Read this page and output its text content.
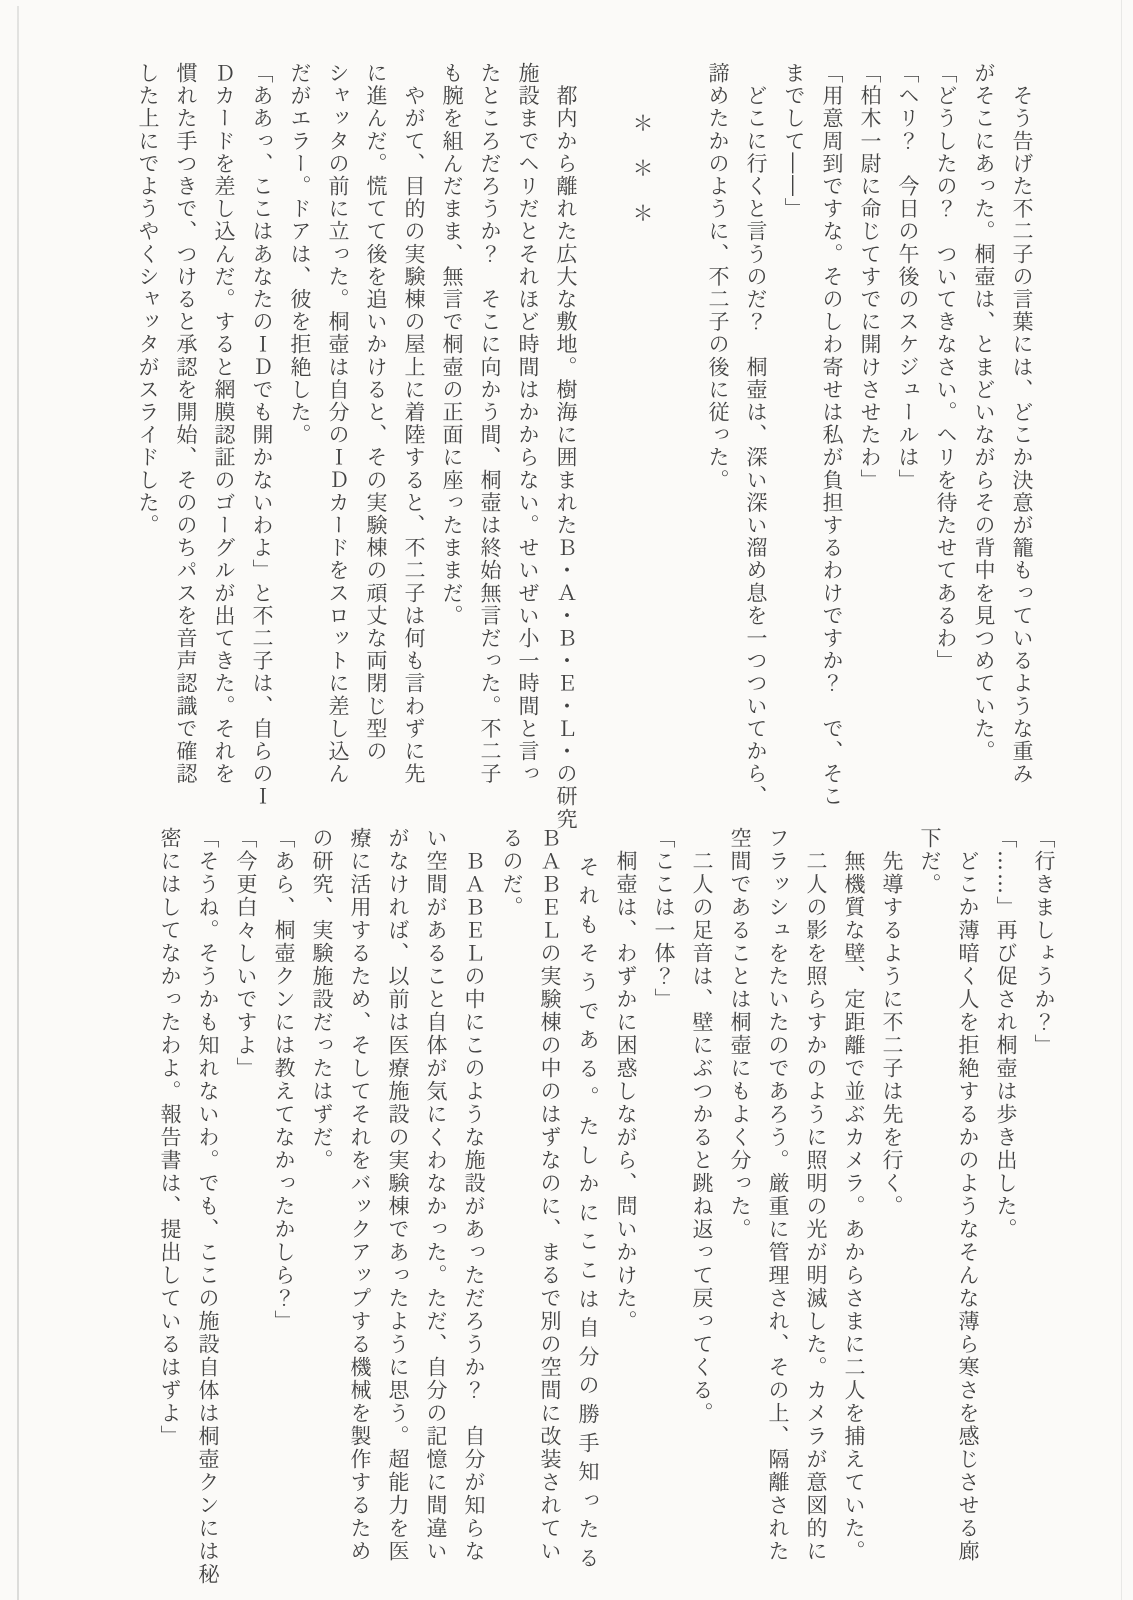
　そう告げた不二子の言葉には、どこか決意が籠もっているような重み
がそこにあった。桐壺は、とまどいながらその背中を見つめていた。
「どうしたの？　ついてきなさい。ヘリを待たせてあるわ」
「ヘリ？　今日の午後のスケジュールは」
「柏木一尉に命じてすでに開けさせたわ」
「用意周到ですな。そのしわ寄せは私が負担するわけですか？　で、そこ
までして――」
　どこに行くと言うのだ？　桐壺は、深い深い溜め息を一つついてから、
諦めたかのように、不二子の後に従った。
＊　＊　＊
　都内から離れた広大な敷地。樹海に囲まれたＢ・Ａ・Ｂ・Ｅ・Ｌ・の研究
施設までヘリだとそれほど時間はかからない。せいぜい小一時間と言っ
たところだろうか？　そこに向かう間、桐壺は終始無言だった。不二子
も腕を組んだまま、無言で桐壺の正面に座ったままだ。
　やがて、目的の実験棟の屋上に着陸すると、不二子は何も言わずに先
に進んだ。慌てて後を追いかけると、その実験棟の頑丈な両閉じ型の
シャッタの前に立った。桐壺は自分のＩＤカードをスロットに差し込ん
だがエラー。ドアは、彼を拒絶した。
「ああっ、ここはあなたのＩＤでも開かないわよ」と不二子は、自らのＩ
Ｄカードを差し込んだ。すると網膜認証のゴーグルが出てきた。それを
慣れた手つきで、つけると承認を開始、そののちパスを音声認識で確認
した上にでようやくシャッタがスライドした。
「行きましょうか？」
「……」再び促され桐壺は歩き出した。
　どこか薄暗く人を拒絶するかのようなそんな薄ら寒さを感じさせる廊
下だ。
　先導するように不二子は先を行く。
　無機質な壁、定距離で並ぶカメラ。あからさまに二人を捕えていた。
　二人の影を照らすかのように照明の光が明滅した。カメラが意図的に
フラッシュをたいたのであろう。厳重に管理され、その上、隔離された
空間であることは桐壺にもよく分った。
　二人の足音は、壁にぶつかると跳ね返って戻ってくる。
「ここは一体？」
　桐壺は、わずかに困惑しながら、問いかけた。
　それもそうである。たしかにここは自分の勝手知ったる
ＢＡＢＥＬの実験棟の中のはずなのに、まるで別の空間に改装されてい
るのだ。
　ＢＡＢＥＬの中にこのような施設があっただろうか？　自分が知らな
い空間があること自体が気にくわなかった。ただ、自分の記憶に間違い
がなければ、以前は医療施設の実験棟であったように思う。超能力を医
療に活用するため、そしてそれをバックアップする機械を製作するため
の研究、実験施設だったはずだ。
「あら、桐壺クンには教えてなかったかしら？」
「今更白々しいですよ」
「そうね。そうかも知れないわ。でも、ここの施設自体は桐壺クンには秘
密にはしてなかったわよ。報告書は、提出しているはずよ」
